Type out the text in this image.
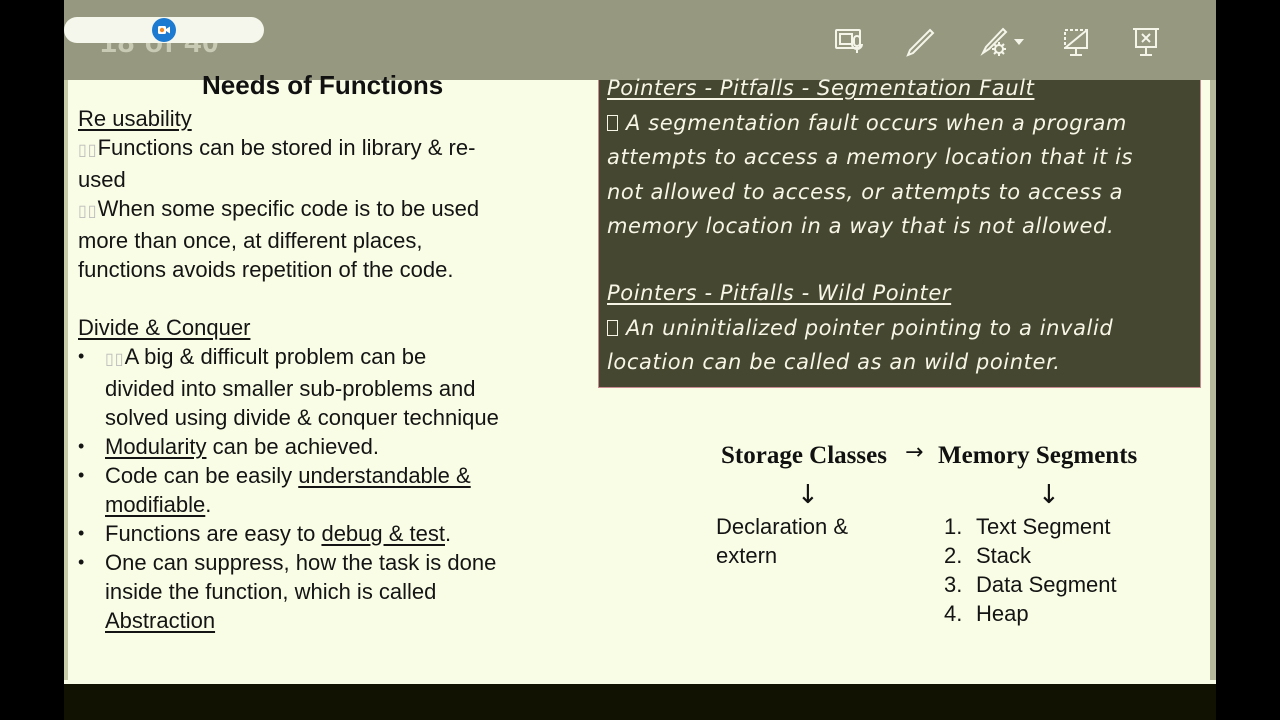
Needs of Functions
Re usability
▯▯Functions can be stored in library & re-
used
▯▯When some specific code is to be used
more than once, at different places,
functions avoids repetition of the code.
Divide & Conquer
• ▯▯A big & difficult problem can be
divided into smaller sub-problems and
solved using divide & conquer technique
• Modularity can be achieved.
• Code can be easily understandable &
modifiable.
• Functions are easy to debug & test.
• One can suppress, how the task is done
inside the function, which is called
Abstraction
Pointers - Pitfalls - Segmentation Fault
A segmentation fault occurs when a program
attempts to access a memory location that it is
not allowed to access, or attempts to access a
memory location in a way that is not allowed.
Pointers - Pitfalls - Wild Pointer
An uninitialized pointer pointing to a invalid
location can be called as an wild pointer.
Storage Classes → Memory Segments
↓	↓
Declaration &
extern
1. Text Segment
2. Stack
3. Data Segment
4. Heap
